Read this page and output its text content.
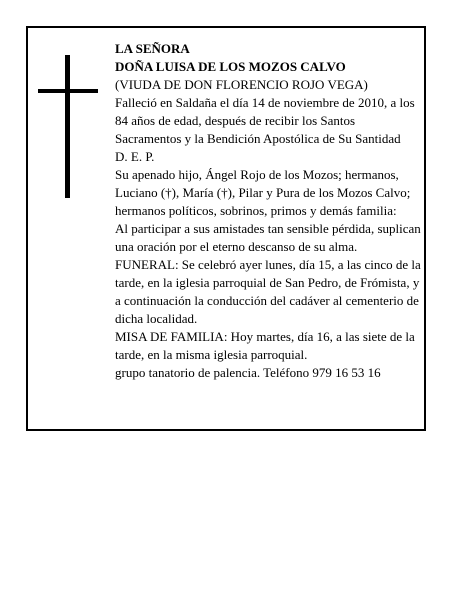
LA SEÑORA

DOÑA LUISA DE LOS MOZOS CALVO

(VIUDA DE DON FLORENCIO ROJO VEGA)

Falleció en Saldaña el día 14 de noviembre de 2010, a los 84 años de edad, después de recibir los Santos Sacramentos y la Bendición Apostólica de Su Santidad

D. E. P.

Su apenado hijo, Ángel Rojo de los Mozos; hermanos, Luciano (†), María (†), Pilar y Pura de los Mozos Calvo; hermanos políticos, sobrinos, primos y demás familia:

Al participar a sus amistades tan sensible pérdida, suplican una oración por el eterno descanso de su alma.

FUNERAL: Se celebró ayer lunes, día 15, a las cinco de la tarde, en la iglesia parroquial de San Pedro, de Frómista, y a continuación la conducción del cadáver al cementerio de dicha localidad.

MISA DE FAMILIA: Hoy martes, día 16, a las siete de la tarde, en la misma iglesia parroquial.

grupo tanatorio de palencia. Teléfono 979 16 53 16
